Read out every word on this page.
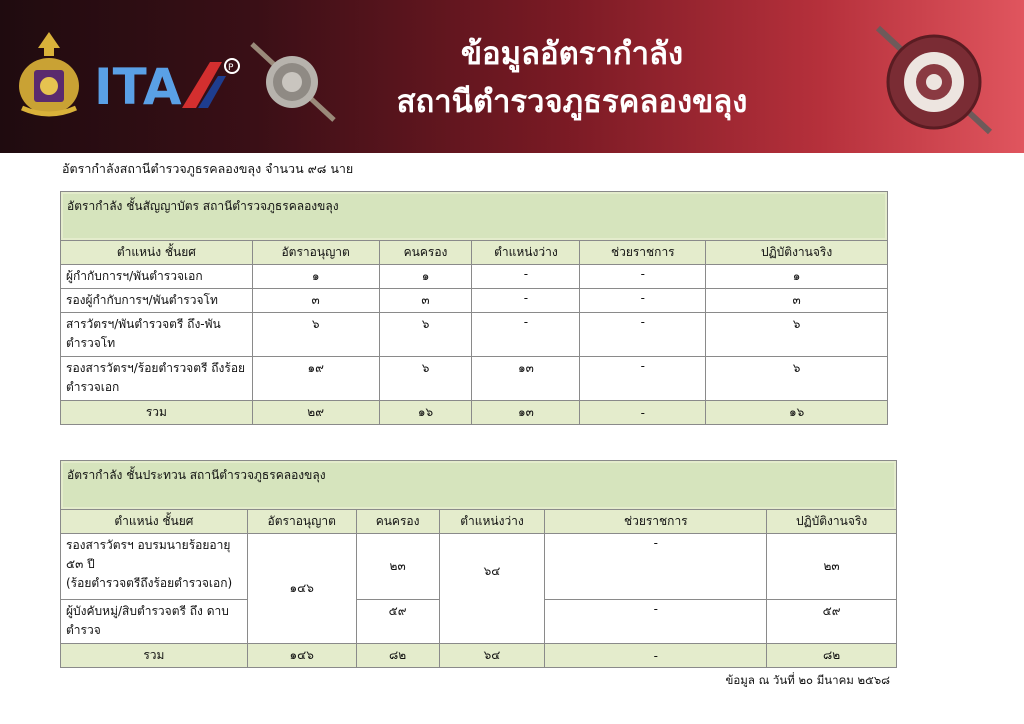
ITA	P	ข้อมูลอัตรากำลัง
สถานีตำรวจภูธรคลองขลุง
อัตรากำลังสถานีตำรวจภูธรคลองขลุง จำนวน ๙๘ นาย
อัตรากำลัง ชั้นสัญญาบัตร สถานีตำรวจภูธรคลองขลุง					

ตำแหน่ง ชั้นยศ	อัตราอนุญาต	คนครอง	ตำแหน่งว่าง	ช่วยราชการ	ปฏิบัติงานจริง
ผู้กำกับการฯ/พันตำรวจเอก	๑	๑	-	-	๑
รองผู้กำกับการฯ/พันตำรวจโท	๓	๓	-	-	๓
สารวัตรฯ/พันตำรวจตรี ถึง-พันตำรวจโท	๖	๖	-	-	๖
รองสารวัตรฯ/ร้อยตำรวจตรี ถึงร้อยตำรวจเอก	๑๙	๖	๑๓	-	๖
รวม	๒๙	๑๖	๑๓	-	๑๖
อัตรากำลัง ชั้นประทวน สถานีตำรวจภูธรคลองขลุง					

ตำแหน่ง ชั้นยศ	อัตราอนุญาต	คนครอง	ตำแหน่งว่าง	ช่วยราชการ	ปฏิบัติงานจริง

รองสารวัตรฯ อบรมนายร้อยอายุ ๕๓ ปี
(ร้อยตำรวจตรีถึงร้อยตำรวจเอก)	๑๔๖	๒๓	๖๔	-	๒๓
ผู้บังคับหมู่/สิบตำรวจตรี ถึง ดาบตำรวจ		๕๙		-	๕๙
รวม	๑๔๖	๘๒	๖๔	-	๘๒
ข้อมูล ณ วันที่ ๒๐ มีนาคม ๒๕๖๘
